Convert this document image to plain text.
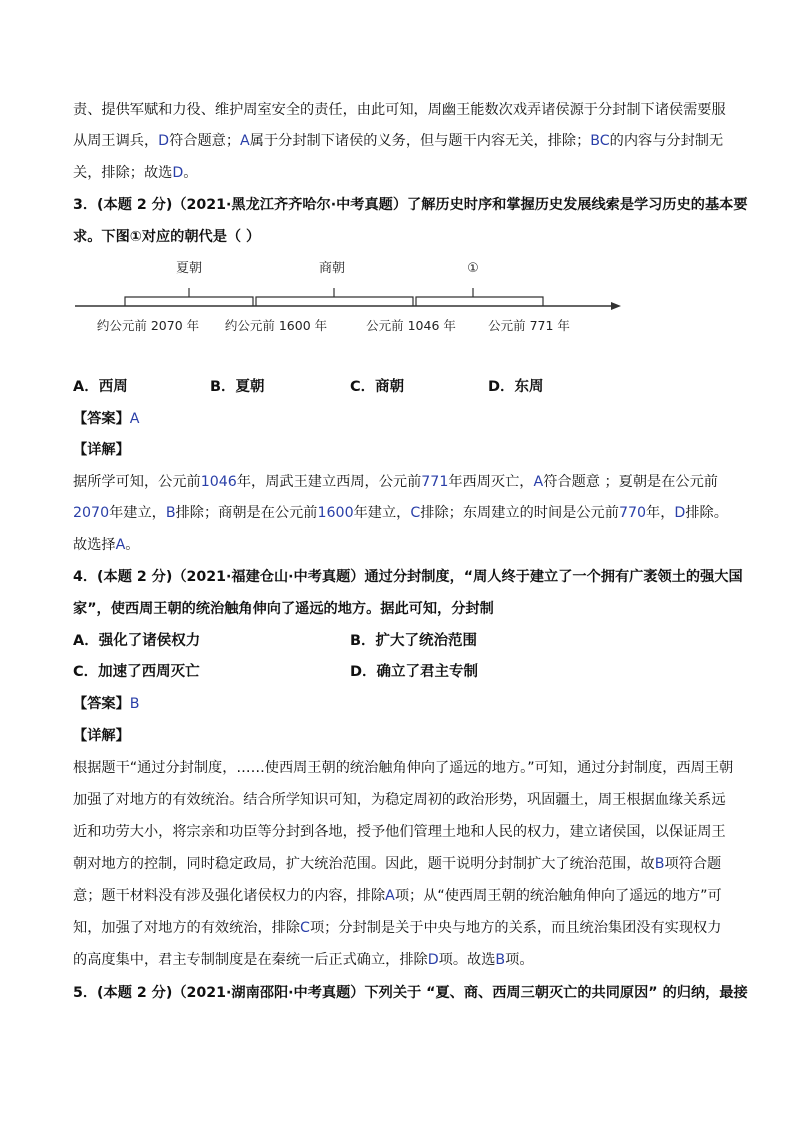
责、提供军赋和力役、维护周室安全的责任，由此可知，周幽王能数次戏弄诸侯源于分封制下诸侯需要服
从周王调兵，D符合题意；A属于分封制下诸侯的义务，但与题干内容无关，排除；BC的内容与分封制无
关，排除；故选D。
3．(本题 2 分)（2021·黑龙江齐齐哈尔·中考真题）了解历史时序和掌握历史发展线索是学习历史的基本要
求。下图①对应的朝代是（ ）
夏朝	商朝	①
约公元前 2070 年 约公元前 1600 年	公元前 1046 年	公元前 771 年
A．西周	B．夏朝	C．商朝	D．东周
【答案】A
【详解】
据所学可知，公元前1046年，周武王建立西周，公元前771年西周灭亡，A符合题意 ；夏朝是在公元前
2070年建立，B排除；商朝是在公元前1600年建立，C排除；东周建立的时间是公元前770年，D排除。
故选择A。
4．(本题 2 分)（2021·福建仓山·中考真题）通过分封制度，“周人终于建立了一个拥有广袤领土的强大国
家”，使西周王朝的统治触角伸向了遥远的地方。据此可知，分封制
A．强化了诸侯权力	B．扩大了统治范围
C．加速了西周灭亡	D．确立了君主专制
【答案】B
【详解】
根据题干“通过分封制度，……使西周王朝的统治触角伸向了遥远的地方。”可知，通过分封制度，西周王朝
加强了对地方的有效统治。结合所学知识可知，为稳定周初的政治形势，巩固疆土，周王根据血缘关系远
近和功劳大小，将宗亲和功臣等分封到各地，授予他们管理土地和人民的权力，建立诸侯国，以保证周王
朝对地方的控制，同时稳定政局，扩大统治范围。因此，题干说明分封制扩大了统治范围，故B项符合题
意；题干材料没有涉及强化诸侯权力的内容，排除A项；从“使西周王朝的统治触角伸向了遥远的地方”可
知，加强了对地方的有效统治，排除C项；分封制是关于中央与地方的关系，而且统治集团没有实现权力
的高度集中，君主专制制度是在秦统一后正式确立，排除D项。故选B项。
5．(本题 2 分)（2021·湖南邵阳·中考真题）下列关于 “夏、商、西周三朝灭亡的共同原因” 的归纳，最接
